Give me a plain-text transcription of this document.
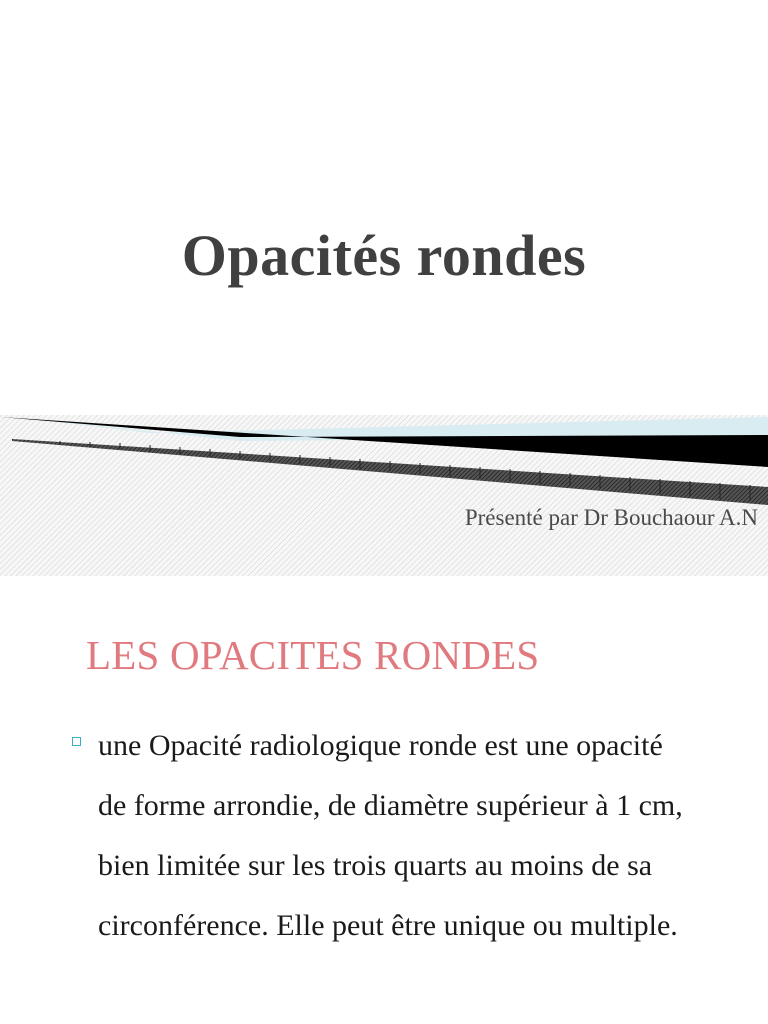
Opacités rondes
Présenté par Dr Bouchaour A.N
LES OPACITES RONDES

une Opacité radiologique ronde est une opacité de forme arrondie, de diamètre supérieur à 1 cm, bien limitée sur les trois quarts au moins de sa circonférence. Elle peut être unique ou multiple.
